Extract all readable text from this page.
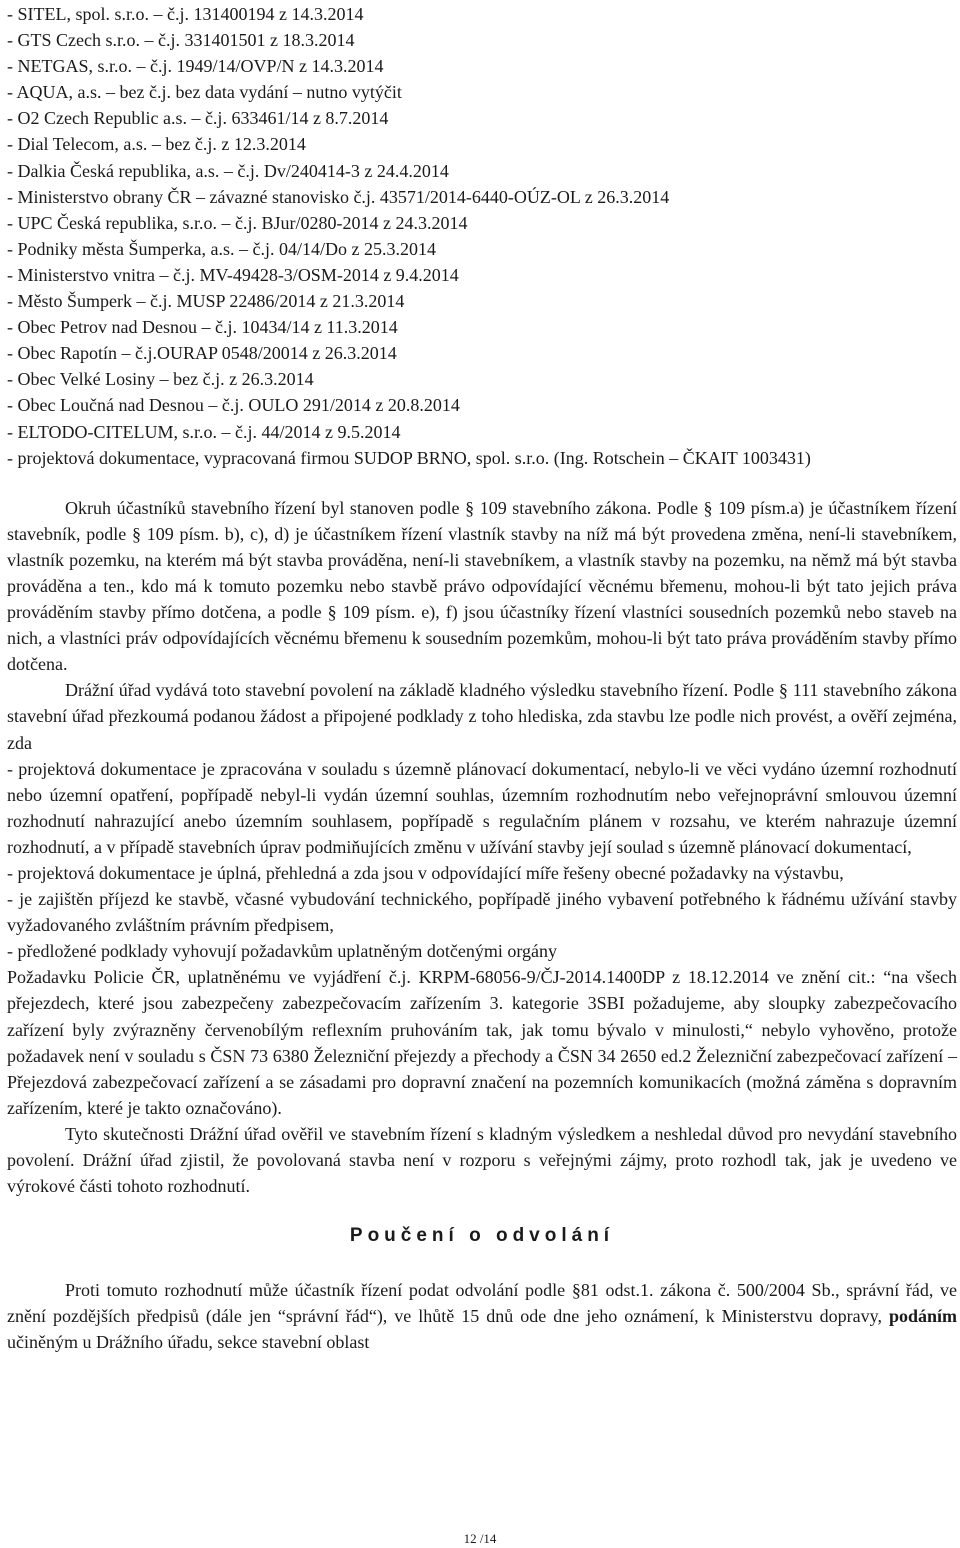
- SITEL, spol. s.r.o. – č.j. 131400194 z 14.3.2014
- GTS Czech s.r.o. – č.j. 331401501 z 18.3.2014
- NETGAS, s.r.o. – č.j. 1949/14/OVP/N z 14.3.2014
- AQUA, a.s. – bez č.j. bez data vydání – nutno vytýčit
- O2 Czech Republic a.s. – č.j. 633461/14 z 8.7.2014
- Dial Telecom, a.s. – bez č.j. z 12.3.2014
- Dalkia Česká republika, a.s. – č.j. Dv/240414-3 z 24.4.2014
- Ministerstvo obrany ČR – závazné stanovisko č.j. 43571/2014-6440-OÚZ-OL z 26.3.2014
- UPC Česká republika, s.r.o. – č.j. BJur/0280-2014 z 24.3.2014
- Podniky města Šumperka, a.s. – č.j. 04/14/Do z 25.3.2014
- Ministerstvo vnitra – č.j. MV-49428-3/OSM-2014 z 9.4.2014
- Město Šumperk – č.j. MUSP 22486/2014 z 21.3.2014
- Obec Petrov nad Desnou – č.j. 10434/14 z 11.3.2014
- Obec Rapotín – č.j.OURAP 0548/20014 z 26.3.2014
- Obec Velké Losiny – bez č.j. z 26.3.2014
- Obec Loučná nad Desnou – č.j. OULO 291/2014 z 20.8.2014
- ELTODO-CITELUM, s.r.o. – č.j. 44/2014 z 9.5.2014

- projektová dokumentace, vypracovaná firmou SUDOP BRNO, spol. s.r.o. (Ing. Rotschein – ČKAIT 1003431)

Okruh účastníků stavebního řízení byl stanoven podle § 109 stavebního zákona. Podle § 109 písm.a) je účastníkem řízení stavebník, podle § 109 písm. b), c), d) je účastníkem řízení vlastník stavby na níž má být provedena změna, není-li stavebníkem, vlastník pozemku, na kterém má být stavba prováděna, není-li stavebníkem, a vlastník stavby na pozemku, na němž má být stavba prováděna a ten., kdo má k tomuto pozemku nebo stavbě právo odpovídající věcnému břemenu, mohou-li být tato jejich práva prováděním stavby přímo dotčena, a podle § 109 písm. e), f) jsou účastníky řízení vlastníci sousedních pozemků nebo staveb na nich, a vlastníci práv odpovídajících věcnému břemenu k sousedním pozemkům, mohou-li být tato práva prováděním stavby přímo dotčena.

Drážní úřad vydává toto stavební povolení na základě kladného výsledku stavebního řízení. Podle § 111 stavebního zákona stavební úřad přezkoumá podanou žádost a připojené podklady z toho hlediska, zda stavbu lze podle nich provést, a ověří zejména, zda

- projektová dokumentace je zpracována v souladu s územně plánovací dokumentací, nebylo-li ve věci vydáno územní rozhodnutí nebo územní opatření, popřípadě nebyl-li vydán územní souhlas, územním rozhodnutím nebo veřejnoprávní smlouvou územní rozhodnutí nahrazující anebo územním souhlasem, popřípadě s regulačním plánem v rozsahu, ve kterém nahrazuje územní rozhodnutí, a v případě stavebních úprav podmiňujících změnu v užívání stavby její soulad s územně plánovací dokumentací,

- projektová dokumentace je úplná, přehledná a zda jsou v odpovídající míře řešeny obecné požadavky na výstavbu,

- je zajištěn příjezd ke stavbě, včasné vybudování technického, popřípadě jiného vybavení potřebného k řádnému užívání stavby vyžadovaného zvláštním právním předpisem,

- předložené podklady vyhovují požadavkům uplatněným dotčenými orgány

Požadavku Policie ČR, uplatněnému ve vyjádření č.j. KRPM-68056-9/ČJ-2014.1400DP z 18.12.2014 ve znění cit.: “na všech přejezdech, které jsou zabezpečeny zabezpečovacím zařízením 3. kategorie 3SBI požadujeme, aby sloupky zabezpečovacího zařízení byly zvýrazněny červenobílým reflexním pruhováním tak, jak tomu bývalo v minulosti,“ nebylo vyhověno, protože požadavek není v souladu s ČSN 73 6380 Železniční přejezdy a přechody a ČSN 34 2650 ed.2 Železniční zabezpečovací zařízení – Přejezdová zabezpečovací zařízení a se zásadami pro dopravní značení na pozemních komunikacích (možná záměna s dopravním zařízením, které je takto označováno).

Tyto skutečnosti Drážní úřad ověřil ve stavebním řízení s kladným výsledkem a neshledal důvod pro nevydání stavebního povolení. Drážní úřad zjistil, že povolovaná stavba není v rozporu s veřejnými zájmy, proto rozhodl tak, jak je uvedeno ve výrokové části tohoto rozhodnutí.

Poučení o odvolání

Proti tomuto rozhodnutí může účastník řízení podat odvolání podle §81 odst.1. zákona č. 500/2004 Sb., správní řád, ve znění pozdějších předpisů (dále jen “správní řád“), ve lhůtě 15 dnů ode dne jeho oznámení, k Ministerstvu dopravy, podáním učiněným u Drážního úřadu, sekce stavební oblast

12 /14
